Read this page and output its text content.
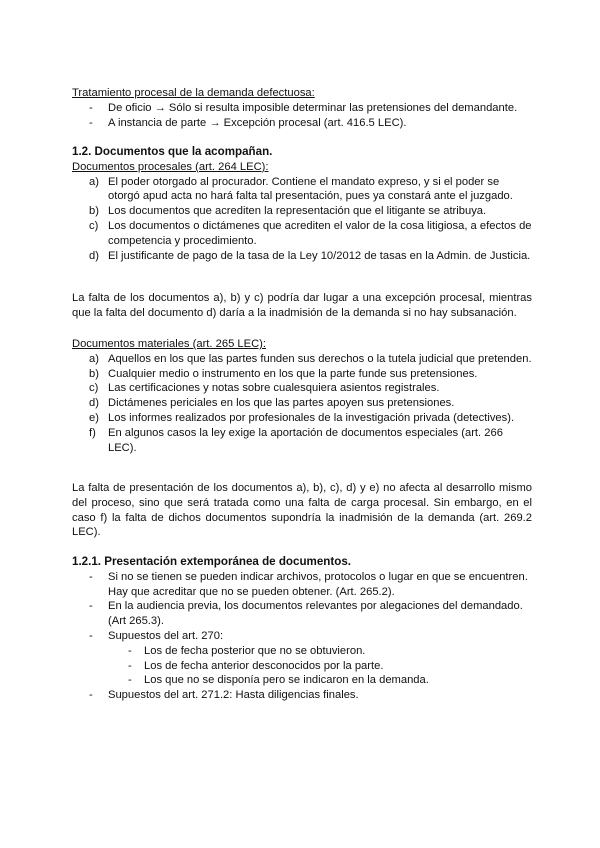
Tratamiento procesal de la demanda defectuosa:
- De oficio → Sólo si resulta imposible determinar las pretensiones del demandante.
- A instancia de parte → Excepción procesal (art. 416.5 LEC).
1.2. Documentos que la acompañan.
Documentos procesales (art. 264 LEC):
a) El poder otorgado al procurador. Contiene el mandato expreso, y si el poder se otorgó apud acta no hará falta tal presentación, pues ya constará ante el juzgado.
b) Los documentos que acrediten la representación que el litigante se atribuya.
c) Los documentos o dictámenes que acrediten el valor de la cosa litigiosa, a efectos de competencia y procedimiento.
d) El justificante de pago de la tasa de la Ley 10/2012 de tasas en la Admin. de Justicia.
La falta de los documentos a), b) y c) podría dar lugar a una excepción procesal, mientras que la falta del documento d) daría a la inadmisión de la demanda si no hay subsanación.
Documentos materiales (art. 265 LEC):
a) Aquellos en los que las partes funden sus derechos o la tutela judicial que pretenden.
b) Cualquier medio o instrumento en los que la parte funde sus pretensiones.
c) Las certificaciones y notas sobre cualesquiera asientos registrales.
d) Dictámenes periciales en los que las partes apoyen sus pretensiones.
e) Los informes realizados por profesionales de la investigación privada (detectives).
f) En algunos casos la ley exige la aportación de documentos especiales (art. 266 LEC).
La falta de presentación de los documentos a), b), c), d) y e) no afecta al desarrollo mismo del proceso, sino que será tratada como una falta de carga procesal. Sin embargo, en el caso f) la falta de dichos documentos supondría la inadmisión de la demanda (art. 269.2 LEC).
1.2.1. Presentación extemporánea de documentos.
- Si no se tienen se pueden indicar archivos, protocolos o lugar en que se encuentren. Hay que acreditar que no se pueden obtener. (Art. 265.2).
- En la audiencia previa, los documentos relevantes por alegaciones del demandado. (Art 265.3).
- Supuestos del art. 270:
- Los de fecha posterior que no se obtuvieron.
- Los de fecha anterior desconocidos por la parte.
- Los que no se disponía pero se indicaron en la demanda.
- Supuestos del art. 271.2: Hasta diligencias finales.
